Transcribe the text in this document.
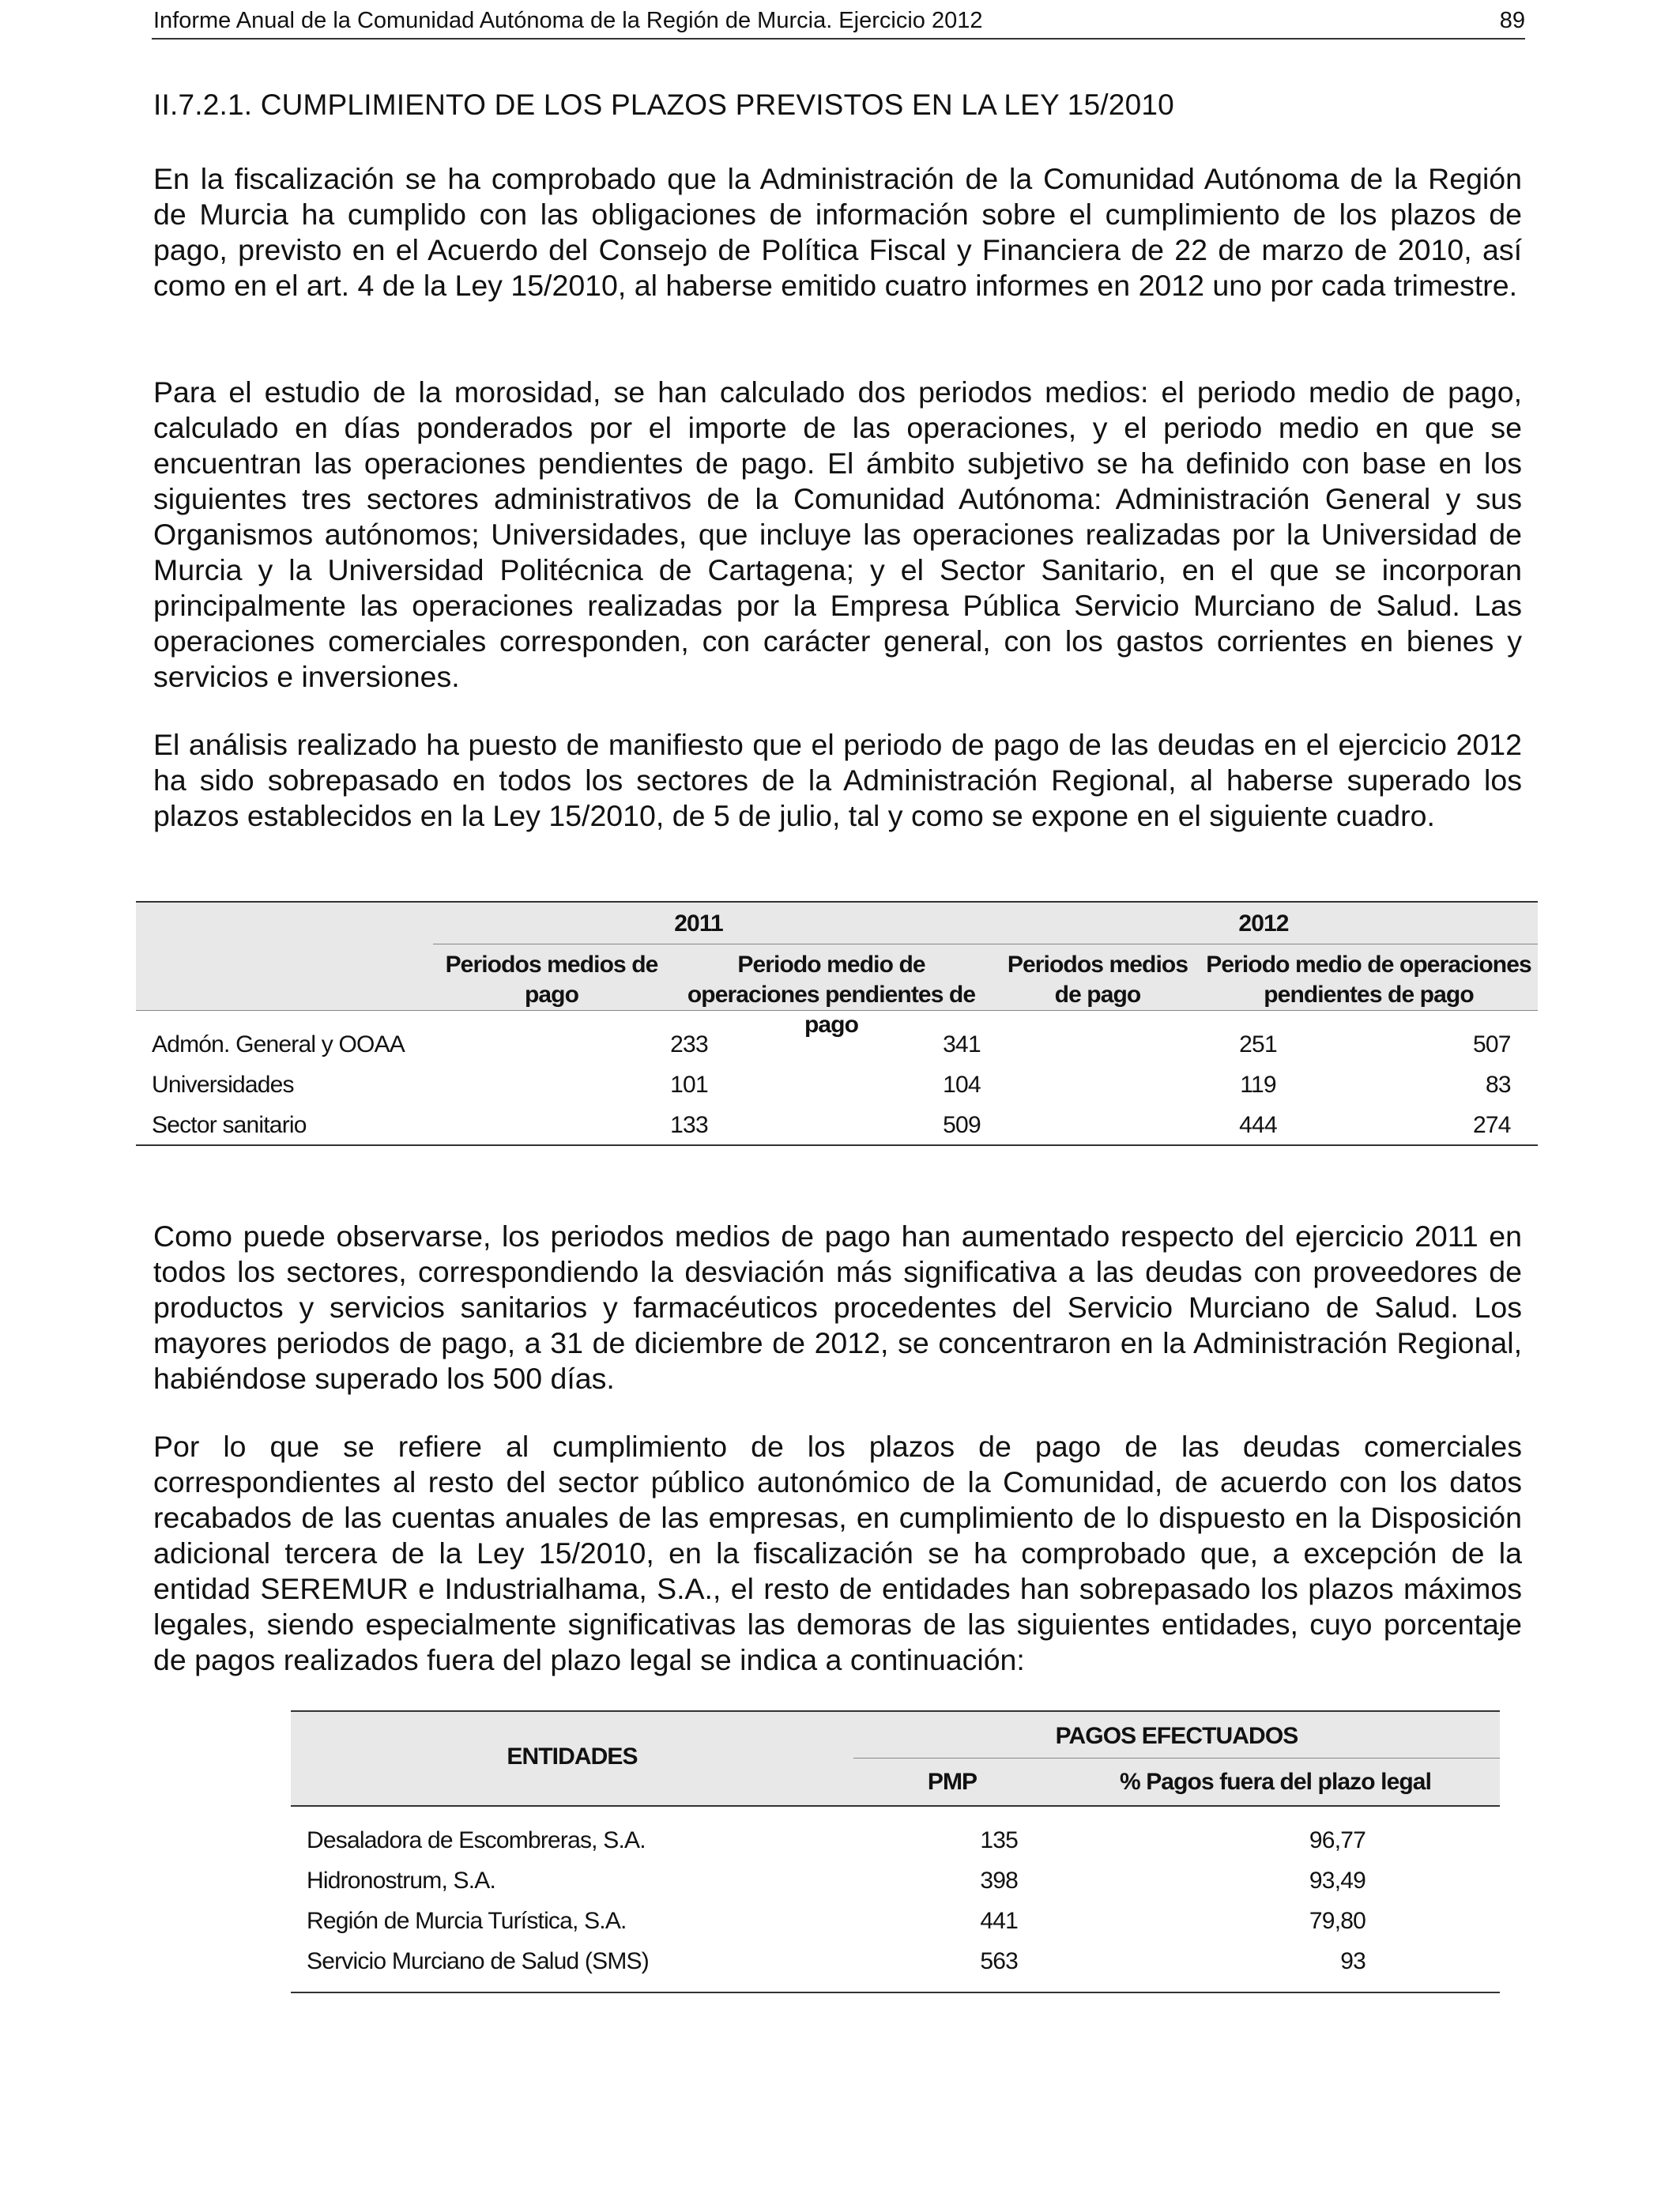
Informe Anual de la Comunidad Autónoma de la Región de Murcia. Ejercicio 2012	89
II.7.2.1. CUMPLIMIENTO DE LOS PLAZOS PREVISTOS EN LA LEY 15/2010
En la fiscalización se ha comprobado que la Administración de la Comunidad Autónoma de la Región de Murcia ha cumplido con las obligaciones de información sobre el cumplimiento de los plazos de pago, previsto en el Acuerdo del Consejo de Política Fiscal y Financiera de 22 de marzo de 2010, así como en el art. 4 de la Ley 15/2010, al haberse emitido cuatro informes en 2012 uno por cada trimestre.
Para el estudio de la morosidad, se han calculado dos periodos medios: el periodo medio de pago, calculado en días ponderados por el importe de las operaciones, y el periodo medio en que se encuentran las operaciones pendientes de pago. El ámbito subjetivo se ha definido con base en los siguientes tres sectores administrativos de la Comunidad Autónoma: Administración General y sus Organismos autónomos; Universidades, que incluye las operaciones realizadas por la Universidad de Murcia y la Universidad Politécnica de Cartagena; y el Sector Sanitario, en el que se incorporan principalmente las operaciones realizadas por la Empresa Pública Servicio Murciano de Salud. Las operaciones comerciales corresponden, con carácter general, con los gastos corrientes en bienes y servicios e inversiones.
El análisis realizado ha puesto de manifiesto que el periodo de pago de las deudas en el ejercicio 2012 ha sido sobrepasado en todos los sectores de la Administración Regional, al haberse superado los plazos establecidos en la Ley 15/2010, de 5 de julio, tal y como se expone en el siguiente cuadro.
2011	2012
Periodos medios de pago
Periodo medio de operaciones pendientes de pago
Periodos medios de pago
Periodo medio de operaciones pendientes de pago
Admón. General y OOAA	233	341	251	507
Universidades	101	104	119	83
Sector sanitario	133	509	444	274
Como puede observarse, los periodos medios de pago han aumentado respecto del ejercicio 2011 en todos los sectores, correspondiendo la desviación más significativa a las deudas con proveedores de productos y servicios sanitarios y farmacéuticos procedentes del Servicio Murciano de Salud. Los mayores periodos de pago, a 31 de diciembre de 2012, se concentraron en la Administración Regional, habiéndose superado los 500 días.
Por lo que se refiere al cumplimiento de los plazos de pago de las deudas comerciales correspondientes al resto del sector público autonómico de la Comunidad, de acuerdo con los datos recabados de las cuentas anuales de las empresas, en cumplimiento de lo dispuesto en la Disposición adicional tercera de la Ley 15/2010, en la fiscalización se ha comprobado que, a excepción de la entidad SEREMUR e Industrialhama, S.A., el resto de entidades han sobrepasado los plazos máximos legales, siendo especialmente significativas las demoras de las siguientes entidades, cuyo porcentaje de pagos realizados fuera del plazo legal se indica a continuación:
ENTIDADES
PAGOS EFECTUADOS
PMP	% Pagos fuera del plazo legal
Desaladora de Escombreras, S.A.	135	96,77
Hidronostrum, S.A.	398	93,49
Región de Murcia Turística, S.A.	441	79,80
Servicio Murciano de Salud (SMS)	563	93
